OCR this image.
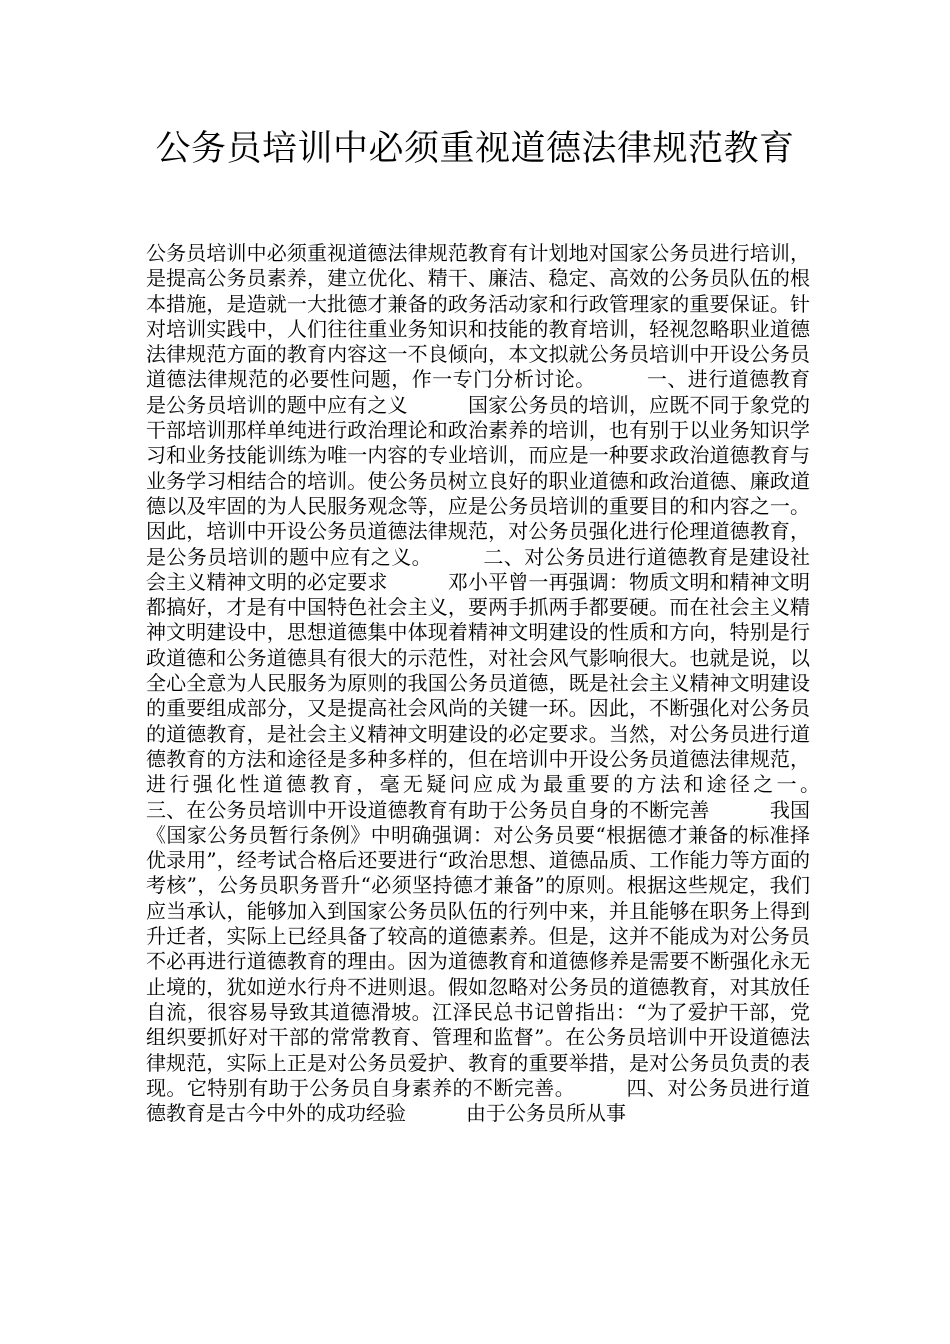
公务员培训中必须重视道德法律规范教育

公务员培训中必须重视道德法律规范教育有计划地对国家公务员进行培训，是提高公务员素养，建立优化、精干、廉洁、稳定、高效的公务员队伍的根本措施，是造就一大批德才兼备的政务活动家和行政管理家的重要保证。针对培训实践中，人们往往重业务知识和技能的教育培训，轻视忽略职业道德法律规范方面的教育内容这一不良倾向，本文拟就公务员培训中开设公务员道德法律规范的必要性问题，作一专门分析讨论。　　　一、进行道德教育是公务员培训的题中应有之义　　　国家公务员的培训，应既不同于象党的干部培训那样单纯进行政治理论和政治素养的培训，也有别于以业务知识学习和业务技能训练为唯一内容的专业培训，而应是一种要求政治道德教育与业务学习相结合的培训。使公务员树立良好的职业道德和政治道德、廉政道德以及牢固的为人民服务观念等，应是公务员培训的重要目的和内容之一。因此，培训中开设公务员道德法律规范，对公务员强化进行伦理道德教育，是公务员培训的题中应有之义。　　　二、对公务员进行道德教育是建设社会主义精神文明的必定要求　　　邓小平曾一再强调：物质文明和精神文明都搞好，才是有中国特色社会主义，要两手抓两手都要硬。而在社会主义精神文明建设中，思想道德集中体现着精神文明建设的性质和方向，特别是行政道德和公务道德具有很大的示范性，对社会风气影响很大。也就是说，以全心全意为人民服务为原则的我国公务员道德，既是社会主义精神文明建设的重要组成部分，又是提高社会风尚的关键一环。因此，不断强化对公务员的道德教育，是社会主义精神文明建设的必定要求。当然，对公务员进行道德教育的方法和途径是多种多样的，但在培训中开设公务员道德法律规范，进行强化性道德教育，毫无疑问应成为最重要的方法和途径之一。　　　三、在公务员培训中开设道德教育有助于公务员自身的不断完善　　　我国《国家公务员暂行条例》中明确强调：对公务员要“根据德才兼备的标准择优录用”，经考试合格后还要进行“政治思想、道德品质、工作能力等方面的考核”，公务员职务晋升“必须坚持德才兼备”的原则。根据这些规定，我们应当承认，能够加入到国家公务员队伍的行列中来，并且能够在职务上得到升迁者，实际上已经具备了较高的道德素养。但是，这并不能成为对公务员不必再进行道德教育的理由。因为道德教育和道德修养是需要不断强化永无止境的，犹如逆水行舟不进则退。假如忽略对公务员的道德教育，对其放任自流，很容易导致其道德滑坡。江泽民总书记曾指出：“为了爱护干部，党组织要抓好对干部的常常教育、管理和监督”。在公务员培训中开设道德法律规范，实际上正是对公务员爱护、教育的重要举措，是对公务员负责的表现。它特别有助于公务员自身素养的不断完善。　　　四、对公务员进行道德教育是古今中外的成功经验　　　由于公务员所从事
